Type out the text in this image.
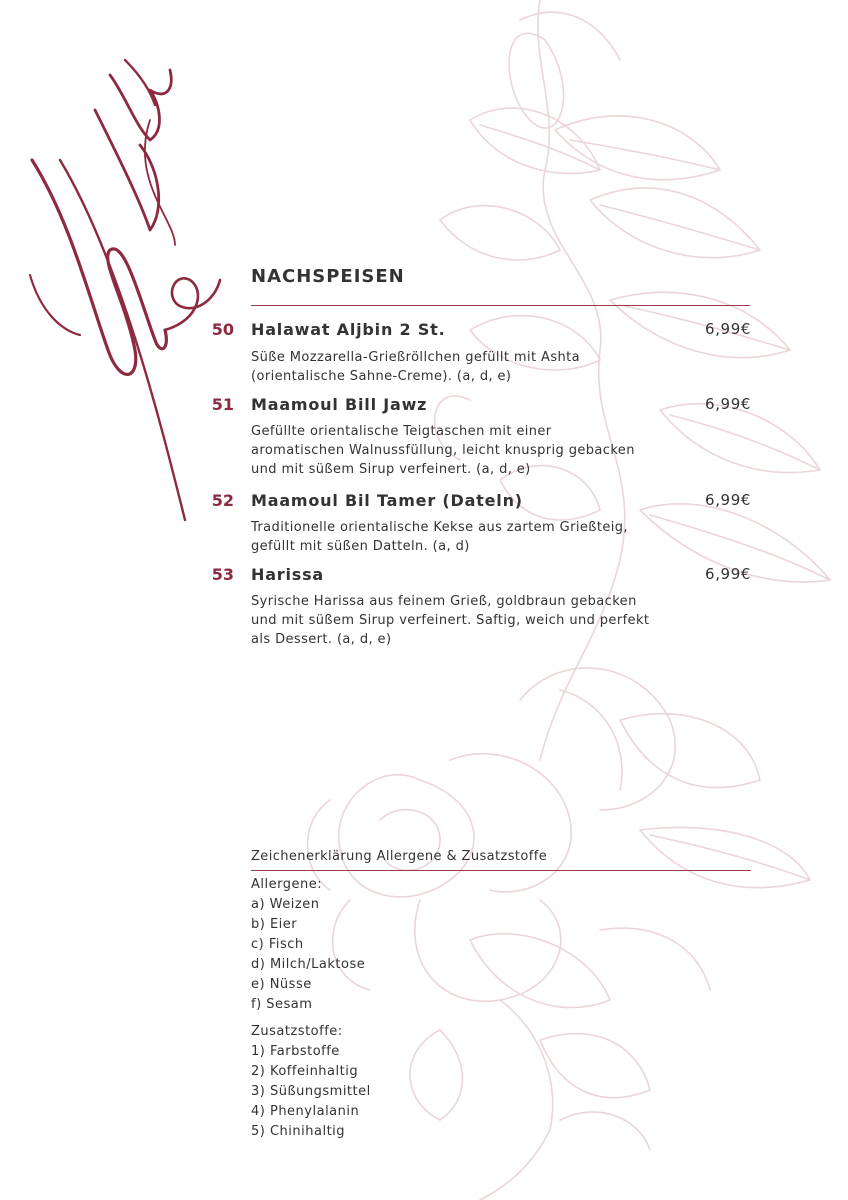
NACHSPEISEN
50 Halawat Aljbin 2 St.	6,99€
Süße Mozzarella-Grießröllchen gefüllt mit Ashta
(orientalische Sahne-Creme). (a, d, e)
51 Maamoul Bill Jawz	6,99€
Gefüllte orientalische Teigtaschen mit einer
aromatischen Walnussfüllung, leicht knusprig gebacken
und mit süßem Sirup verfeinert. (a, d, e)
52 Maamoul Bil Tamer (Dateln)	6,99€
Traditionelle orientalische Kekse aus zartem Grießteig,
gefüllt mit süßen Datteln. (a, d)
53 Harissa	6,99€
Syrische Harissa aus feinem Grieß, goldbraun gebacken
und mit süßem Sirup verfeinert. Saftig, weich und perfekt
als Dessert. (a, d, e)
Zeichenerklärung Allergene & Zusatzstoffe
Allergene:
a) Weizen
b) Eier
c) Fisch
d) Milch/Laktose
e) Nüsse
f) Sesam
Zusatzstoffe:
1) Farbstoffe
2) Koffeinhaltig
3) Süßungsmittel
4) Phenylalanin
5) Chinihaltig
